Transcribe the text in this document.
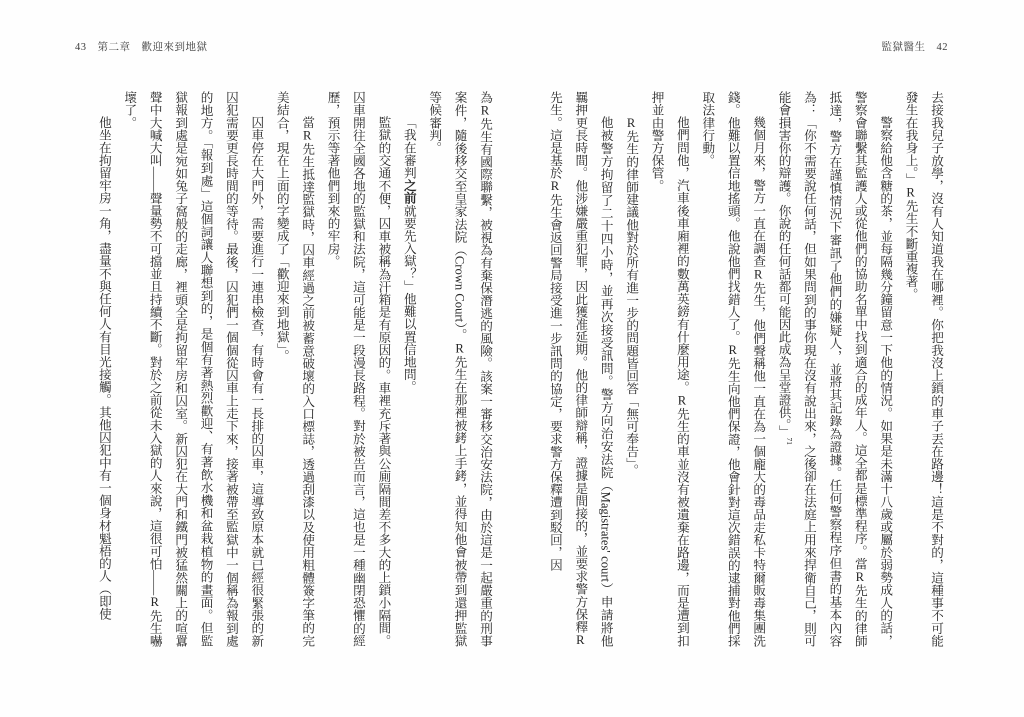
監獄醫生　42

去接我兒子放學，沒有人知道我在哪裡。你把我沒上鎖的車子丟在路邊！這是不對的，這種事不可能發生在我身上。」R先生不斷重複著。

警察給他含糖的茶，並每隔幾分鐘留意一下他的情況。如果是未滿十八歲或屬於弱勢成人的話，警察會聯繫其監護人或從他們的協助名單中找到適合的成年人。這全都是標準程序。當R先生的律師抵達，警方在謹慎情況下審訊了他們的嫌疑人，並將其記錄為證據。任何警察程序但書的基本內容為：「你不需要說任何話，但如果問到的事你現在沒有說出來，之後卻在法庭上用來捍衛自己，則可能會損害你的辯護。你說的任何話都可能因此成為呈堂證供。」$^{71}$

幾個月來，警方一直在調查R先生，他們聲稱他一直在為一個龐大的毒品走私卡特爾販毒集團洗錢。他難以置信地搖頭。他說他們找錯人了。R先生向他們保證，他會針對這次錯誤的逮捕對他們採取法律行動。

他們問他，汽車後車廂裡的數萬英鎊有什麼用途。R先生的車並沒有被遺棄在路邊，而是遭到扣押並由警方保管。

R先生的律師建議他對於所有進一步的問題皆回答「無可奉告」。

他被警方拘留了二十四小時，並再次接受訊問。警方向治安法院（Magistrates' court）申請將他羈押更長時間。他涉嫌嚴重犯罪，因此獲准延期。他的律師辯稱，證據是間接的，並要求警方保釋R先生。這是基於R先生會返回警局接受進一步訊問的協定，要求警方保釋遭到駁回，因

43　第二章　歡迎來到地獄

為R先生有國際聯繫，被視為有棄保潛逃的風險。該案一審移交治安法院，由於這是一起嚴重的刑事案件，隨後移交至皇家法院（Crown Court）。R先生在那裡被銬上手銬，並得知他會被帶到還押監獄等候審判。

「我在審判之前就要先入獄？」他難以置信地問。

監獄的交通不便，囚車被稱為汗箱是有原因的。車裡充斥著與公廁隔間差不多大的上鎖小隔間。囚車開往全國各地的監獄和法院，這可能是一段漫長路程。對於被告而言，這也是一種幽閉恐懼的經歷，預示等著他們到來的牢房。

當R先生抵達監獄時，囚車經過之前被蓄意破壞的入口標誌，透過刮漆以及使用粗體簽字筆的完美結合，現在上面的字變成了「歡迎來到地獄」。

囚車停在大門外，需要進行一連串檢查，有時會有一長排的囚車，這導致原本就已經很緊張的新囚犯需要更長時間的等待。最後，囚犯們一個個從囚車上走下來，接著被帶至監獄中一個稱為報到處的地方。「報到處」這個詞讓人聯想到的，是個有著熱烈歡迎、有著飲水機和盆栽植物的畫面。但監獄報到處是宛如兔子窩般的走廊，裡頭全是拘留牢房和囚室。新囚犯在大門和鐵門被猛然關上的喧囂聲中大喊大叫——聲量勢不可擋並且持續不斷。對於之前從未入獄的人來說，這很可怕——R先生嚇壞了。

他坐在拘留牢房一角，盡量不與任何人有目光接觸。其他囚犯中有一個身材魁梧的人（即使
